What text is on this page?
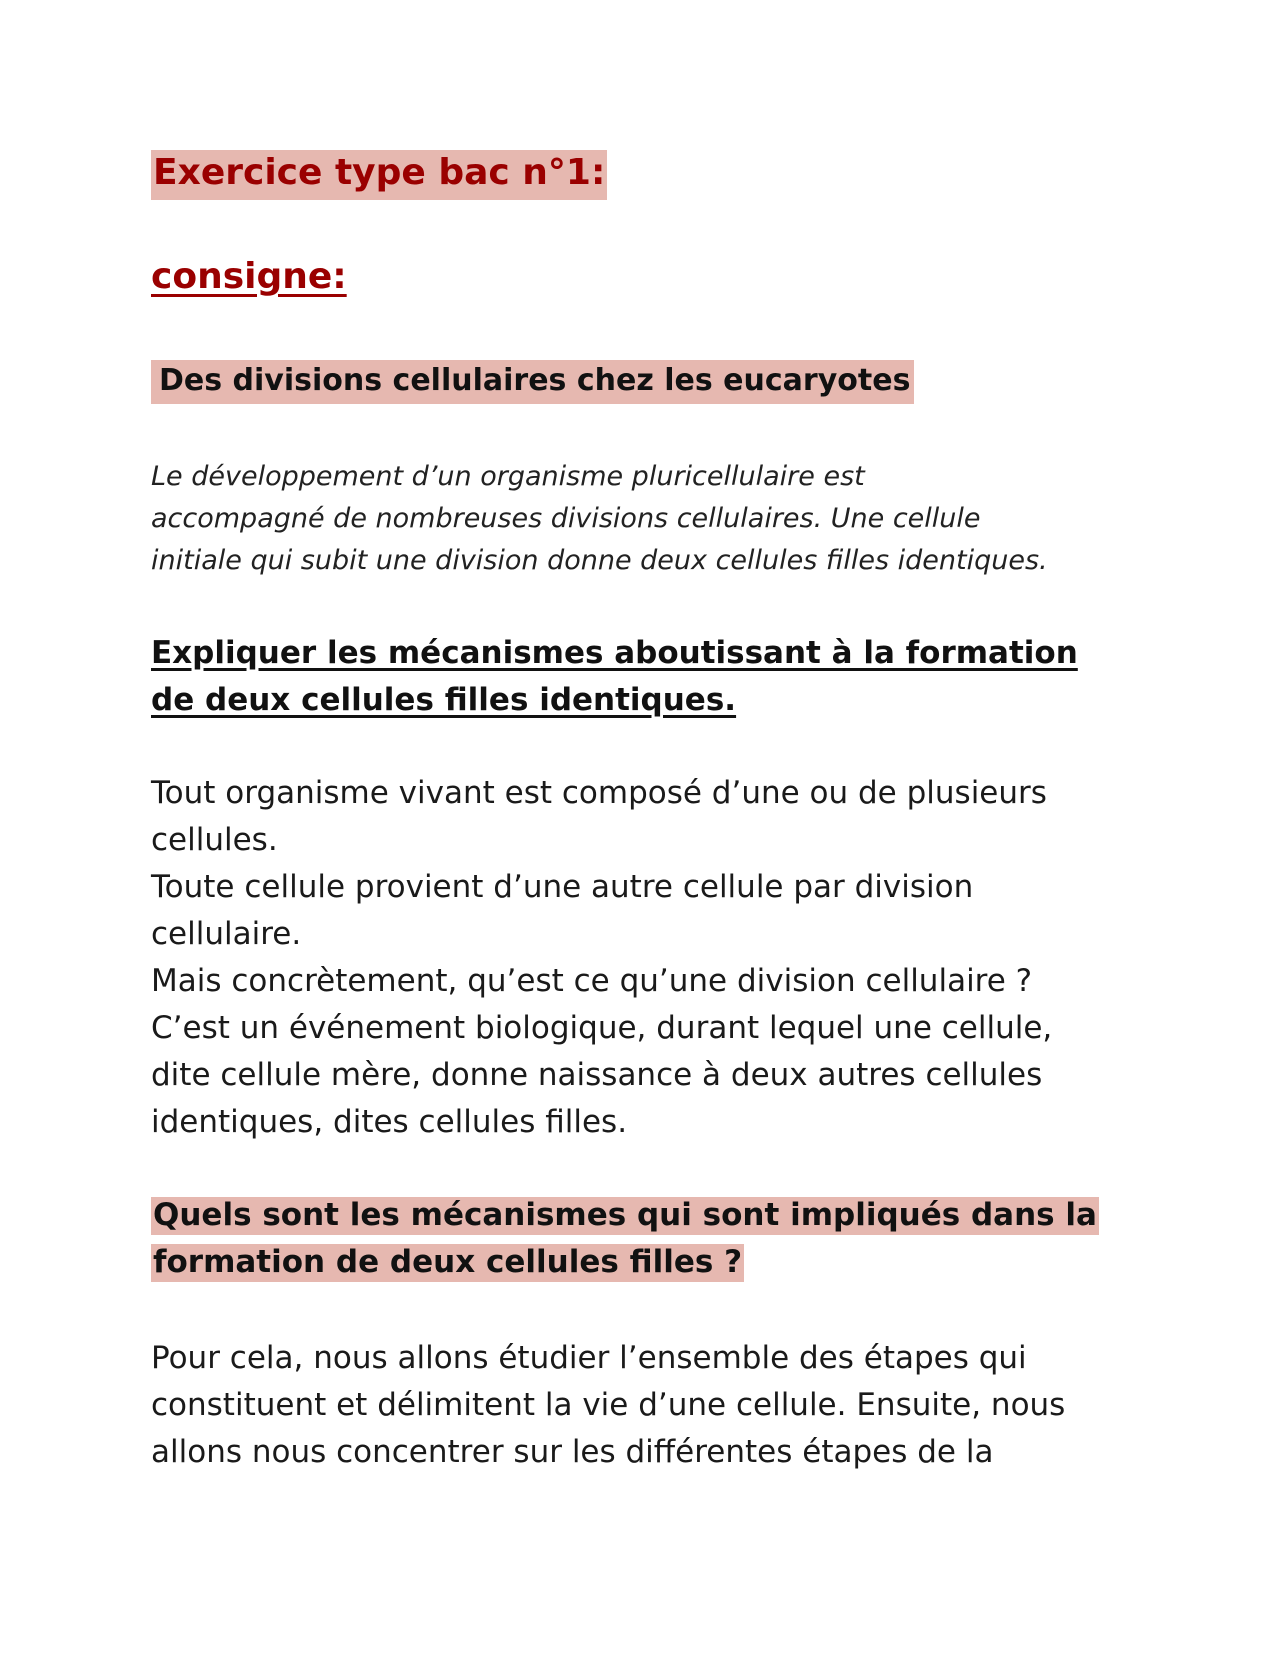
Exercice type bac n°1:
consigne:
Des divisions cellulaires chez les eucaryotes

Le développement d’un organisme pluricellulaire est

accompagné de nombreuses divisions cellulaires. Une cellule

initiale qui subit une division donne deux cellules filles identiques.

Expliquer les mécanismes aboutissant à la formation

de deux cellules filles identiques.

Tout organisme vivant est composé d’une ou de plusieurs

cellules.

Toute cellule provient d’une autre cellule par division

cellulaire.

Mais concrètement, qu’est ce qu’une division cellulaire ?

C’est un événement biologique, durant lequel une cellule,

dite cellule mère, donne naissance à deux autres cellules

identiques, dites cellules filles.

Quels sont les mécanismes qui sont impliqués dans la

formation de deux cellules filles ?

Pour cela, nous allons étudier l’ensemble des étapes qui

constituent et délimitent la vie d’une cellule. Ensuite, nous

allons nous concentrer sur les différentes étapes de la
